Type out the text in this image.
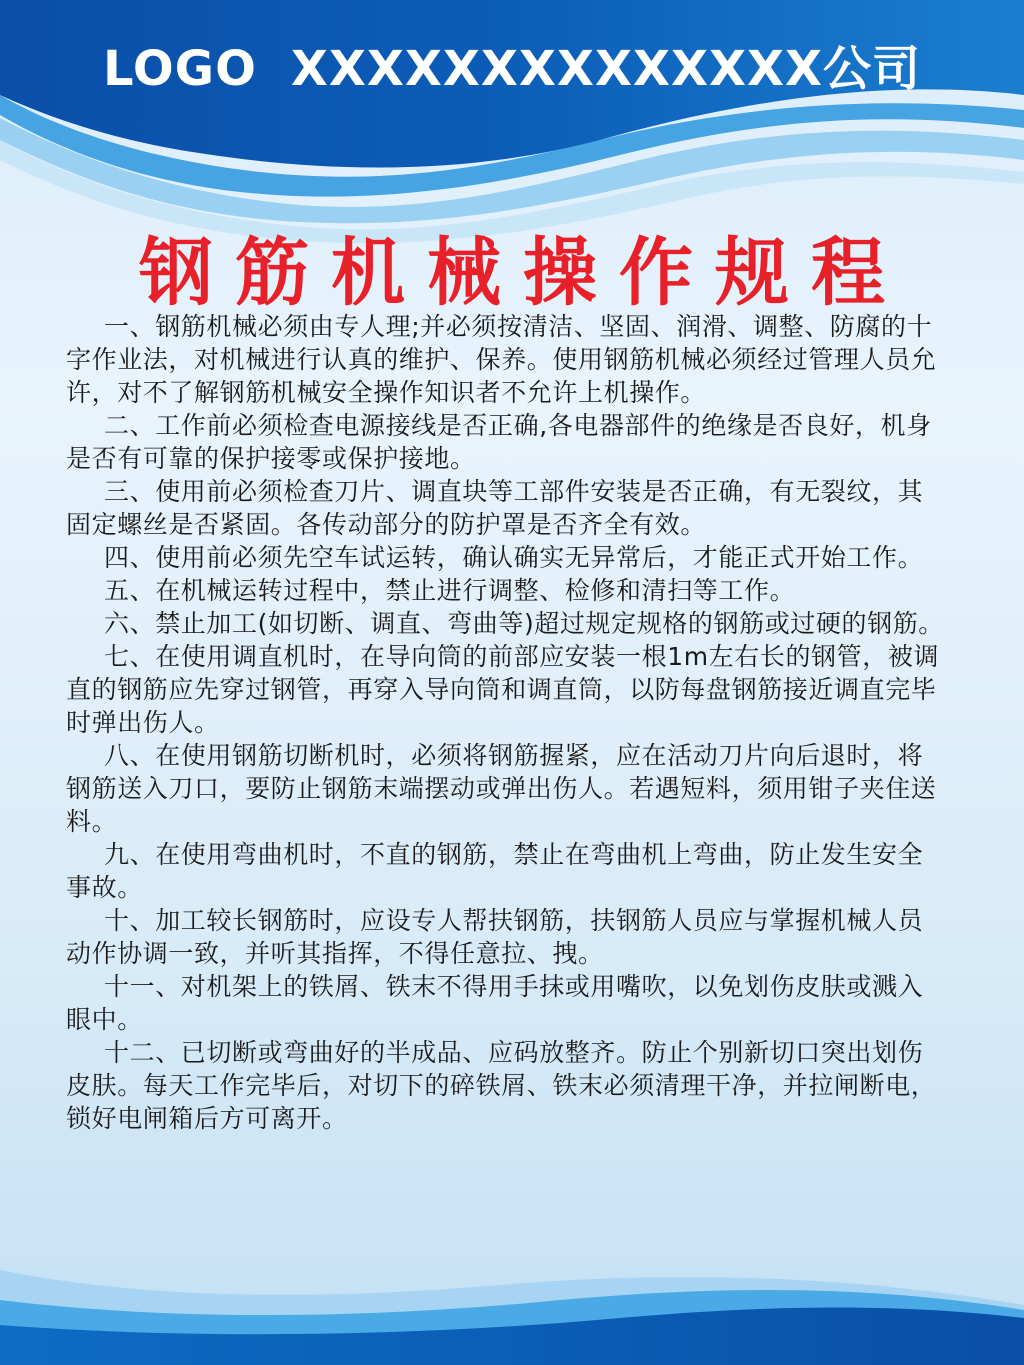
LOGO XXXXXXXXXXXXXX公司
钢筋机械操作规程

一、钢筋机械必须由专人理;并必须按清洁、坚固、润滑、调整、防腐的十字作业法，对机械进行认真的维护、保养。使用钢筋机械必须经过管理人员允许，对不了解钢筋机械安全操作知识者不允许上机操作。

二、工作前必须检查电源接线是否正确,各电器部件的绝缘是否良好，机身是否有可靠的保护接零或保护接地。

三、使用前必须检查刀片、调直块等工部件安装是否正确，有无裂纹，其固定螺丝是否紧固。各传动部分的防护罩是否齐全有效。

四、使用前必须先空车试运转，确认确实无异常后，才能正式开始工作。

五、在机械运转过程中，禁止进行调整、检修和清扫等工作。

六、禁止加工(如切断、调直、弯曲等)超过规定规格的钢筋或过硬的钢筋。

七、在使用调直机时，在导向筒的前部应安装一根1m左右长的钢管，被调直的钢筋应先穿过钢管，再穿入导向筒和调直筒，以防每盘钢筋接近调直完毕时弹出伤人。

八、在使用钢筋切断机时，必须将钢筋握紧，应在活动刀片向后退时，将钢筋送入刀口，要防止钢筋末端摆动或弹出伤人。若遇短料，须用钳子夹住送料。

九、在使用弯曲机时，不直的钢筋，禁止在弯曲机上弯曲，防止发生安全事故。

十、加工较长钢筋时，应设专人帮扶钢筋，扶钢筋人员应与掌握机械人员动作协调一致，并听其指挥，不得任意拉、拽。

十一、对机架上的铁屑、铁末不得用手抹或用嘴吹，以免划伤皮肤或溅入眼中。

十二、已切断或弯曲好的半成品、应码放整齐。防止个别新切口突出划伤皮肤。每天工作完毕后，对切下的碎铁屑、铁末必须清理干净，并拉闸断电，锁好电闸箱后方可离开。
